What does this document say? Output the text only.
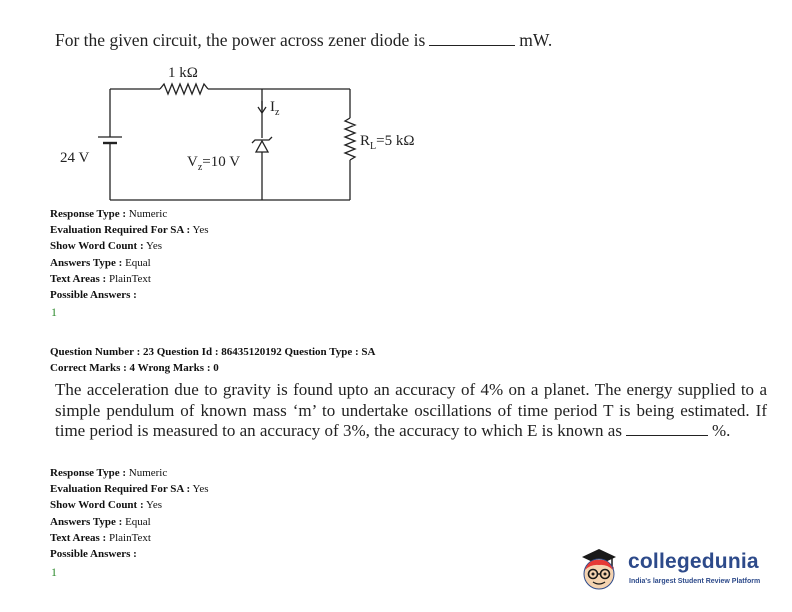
For the given circuit, the power across zener diode is	mW.
1 kΩ
24 V
$I_z$
$V_z=10$ V
$R_L=5$ kΩ
Response Type : Numeric
Evaluation Required For SA : Yes
Show Word Count : Yes
Answers Type : Equal
Text Areas : PlainText
Possible Answers :
1
Question Number : 23 Question Id : 86435120192 Question Type : SA
Correct Marks : 4 Wrong Marks : 0
The acceleration due to gravity is found upto an accuracy of 4% on a planet. The energy supplied to a simple pendulum of known mass ‘m’ to undertake oscillations of time period T is being estimated. If time period is measured to an accuracy of 3%, the accuracy to which E is known as	%.
Response Type : Numeric
Evaluation Required For SA : Yes
Show Word Count : Yes
Answers Type : Equal
Text Areas : PlainText
Possible Answers :
1	collegedunia
India's largest Student Review Platform
